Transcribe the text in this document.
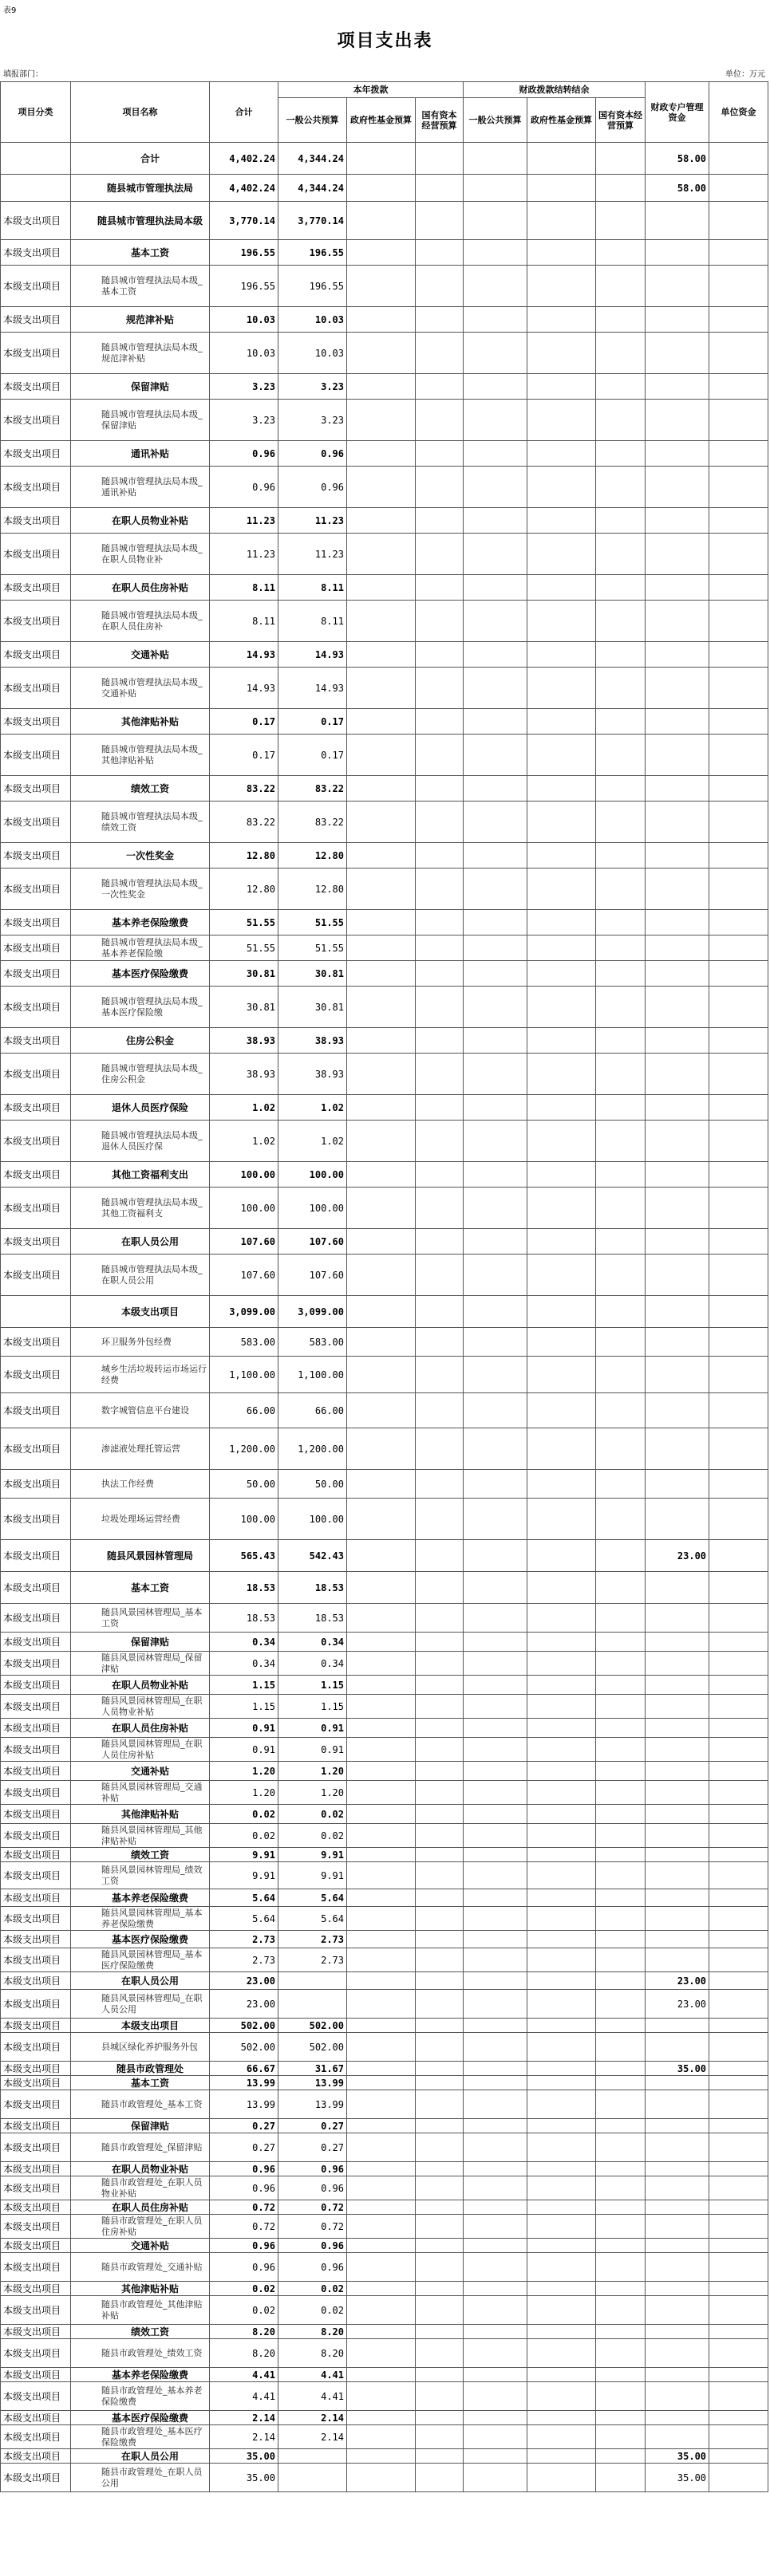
表9
项目支出表
填报部门：	单位：万元
项目分类	项目名称	合计	本年拨款			财政拨款结转结余			财政专户管理资金	单位资金
			一般公共预算	政府性基金预算	国有资本经营预算	一般公共预算	政府性基金预算	国有资本经营预算		
	合计	4,402.24	4,344.24						58.00	
	随县城市管理执法局	4,402.24	4,344.24						58.00	
本级支出项目	随县城市管理执法局本级	3,770.14	3,770.14							
本级支出项目	基本工资	196.55	196.55							
本级支出项目	随县城市管理执法局本级_基本工资	196.55	196.55							
本级支出项目	规范津补贴	10.03	10.03							
本级支出项目	随县城市管理执法局本级_规范津补贴	10.03	10.03							
本级支出项目	保留津贴	3.23	3.23							
本级支出项目	随县城市管理执法局本级_保留津贴	3.23	3.23							
本级支出项目	通讯补贴	0.96	0.96							
本级支出项目	随县城市管理执法局本级_通讯补贴	0.96	0.96							
本级支出项目	在职人员物业补贴	11.23	11.23							
本级支出项目	随县城市管理执法局本级_在职人员物业补	11.23	11.23							
本级支出项目	在职人员住房补贴	8.11	8.11							
本级支出项目	随县城市管理执法局本级_在职人员住房补	8.11	8.11							
本级支出项目	交通补贴	14.93	14.93							
本级支出项目	随县城市管理执法局本级_交通补贴	14.93	14.93							
本级支出项目	其他津贴补贴	0.17	0.17							
本级支出项目	随县城市管理执法局本级_其他津贴补贴	0.17	0.17							
本级支出项目	绩效工资	83.22	83.22							
本级支出项目	随县城市管理执法局本级_绩效工资	83.22	83.22							
本级支出项目	一次性奖金	12.80	12.80							
本级支出项目	随县城市管理执法局本级_一次性奖金	12.80	12.80							
本级支出项目	基本养老保险缴费	51.55	51.55							
本级支出项目	随县城市管理执法局本级_基本养老保险缴	51.55	51.55							
本级支出项目	基本医疗保险缴费	30.81	30.81							
本级支出项目	随县城市管理执法局本级_基本医疗保险缴	30.81	30.81							
本级支出项目	住房公积金	38.93	38.93							
本级支出项目	随县城市管理执法局本级_住房公积金	38.93	38.93							
本级支出项目	退休人员医疗保险	1.02	1.02							
本级支出项目	随县城市管理执法局本级_退休人员医疗保	1.02	1.02							
本级支出项目	其他工资福利支出	100.00	100.00							
本级支出项目	随县城市管理执法局本级_其他工资福利支	100.00	100.00							
本级支出项目	在职人员公用	107.60	107.60							
本级支出项目	随县城市管理执法局本级_在职人员公用	107.60	107.60							
	本级支出项目	3,099.00	3,099.00							
本级支出项目	环卫服务外包经费	583.00	583.00							
本级支出项目	城乡生活垃圾转运市场运行经费	1,100.00	1,100.00							
本级支出项目	数字城管信息平台建设	66.00	66.00							
本级支出项目	渗滤液处理托管运营	1,200.00	1,200.00							
本级支出项目	执法工作经费	50.00	50.00							
本级支出项目	垃圾处理场运营经费	100.00	100.00							
本级支出项目	随县风景园林管理局	565.43	542.43						23.00	
本级支出项目	基本工资	18.53	18.53							
本级支出项目	随县风景园林管理局_基本工资	18.53	18.53							
本级支出项目	保留津贴	0.34	0.34							
本级支出项目	随县风景园林管理局_保留津贴	0.34	0.34							
本级支出项目	在职人员物业补贴	1.15	1.15							
本级支出项目	随县风景园林管理局_在职人员物业补贴	1.15	1.15							
本级支出项目	在职人员住房补贴	0.91	0.91							
本级支出项目	随县风景园林管理局_在职人员住房补贴	0.91	0.91							
本级支出项目	交通补贴	1.20	1.20							
本级支出项目	随县风景园林管理局_交通补贴	1.20	1.20							
本级支出项目	其他津贴补贴	0.02	0.02							
本级支出项目	随县风景园林管理局_其他津贴补贴	0.02	0.02							
本级支出项目	绩效工资	9.91	9.91							
本级支出项目	随县风景园林管理局_绩效工资	9.91	9.91							
本级支出项目	基本养老保险缴费	5.64	5.64							
本级支出项目	随县风景园林管理局_基本养老保险缴费	5.64	5.64							
本级支出项目	基本医疗保险缴费	2.73	2.73							
本级支出项目	随县风景园林管理局_基本医疗保险缴费	2.73	2.73							
本级支出项目	在职人员公用	23.00							23.00	
本级支出项目	随县风景园林管理局_在职人员公用	23.00							23.00	
本级支出项目	本级支出项目	502.00	502.00							
本级支出项目	县城区绿化养护服务外包	502.00	502.00							
本级支出项目	随县市政管理处	66.67	31.67						35.00	
本级支出项目	基本工资	13.99	13.99							
本级支出项目	随县市政管理处_基本工资	13.99	13.99							
本级支出项目	保留津贴	0.27	0.27							
本级支出项目	随县市政管理处_保留津贴	0.27	0.27							
本级支出项目	在职人员物业补贴	0.96	0.96							
本级支出项目	随县市政管理处_在职人员物业补贴	0.96	0.96							
本级支出项目	在职人员住房补贴	0.72	0.72							
本级支出项目	随县市政管理处_在职人员住房补贴	0.72	0.72							
本级支出项目	交通补贴	0.96	0.96							
本级支出项目	随县市政管理处_交通补贴	0.96	0.96							
本级支出项目	其他津贴补贴	0.02	0.02							
本级支出项目	随县市政管理处_其他津贴补贴	0.02	0.02							
本级支出项目	绩效工资	8.20	8.20							
本级支出项目	随县市政管理处_绩效工资	8.20	8.20							
本级支出项目	基本养老保险缴费	4.41	4.41							
本级支出项目	随县市政管理处_基本养老保险缴费	4.41	4.41							
本级支出项目	基本医疗保险缴费	2.14	2.14							
本级支出项目	随县市政管理处_基本医疗保险缴费	2.14	2.14							
本级支出项目	在职人员公用	35.00							35.00	
本级支出项目	随县市政管理处_在职人员公用	35.00							35.00	
